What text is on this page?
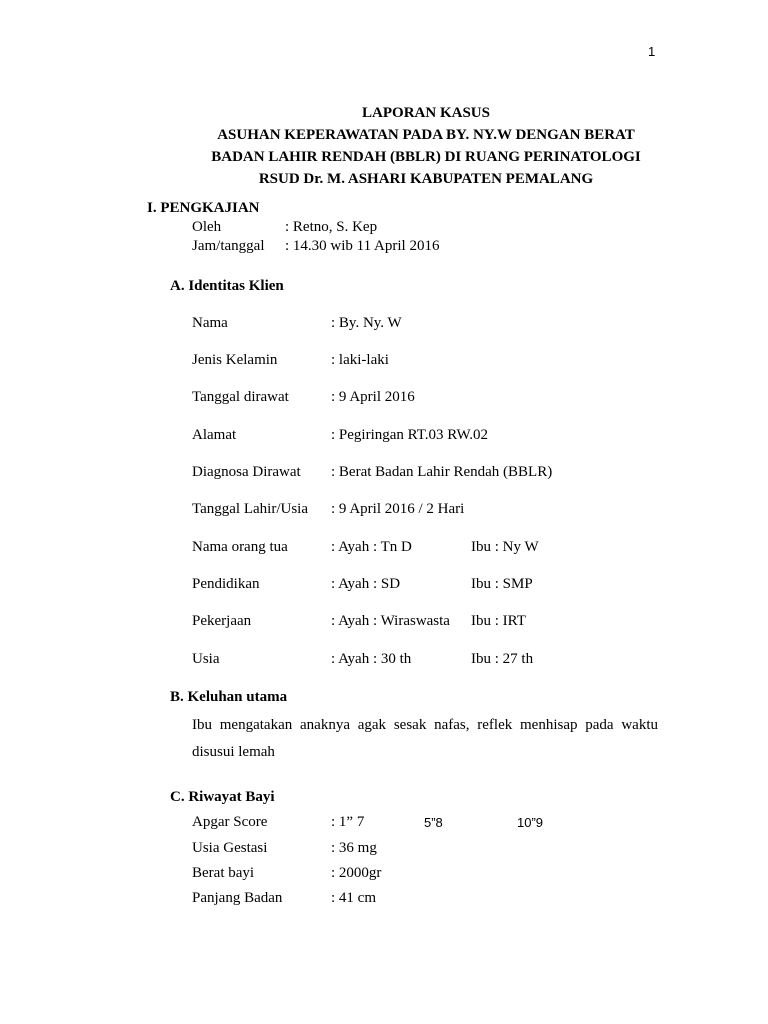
1
LAPORAN KASUS
ASUHAN KEPERAWATAN PADA BY. NY.W DENGAN BERAT
BADAN LAHIR RENDAH (BBLR) DI RUANG PERINATOLOGI
RSUD Dr. M. ASHARI KABUPATEN PEMALANG
I. PENGKAJIAN
Oleh	: Retno, S. Kep
Jam/tanggal : 14.30 wib 11 April 2016
A. Identitas Klien
Nama	: By. Ny. W
Jenis Kelamin	: laki-laki
Tanggal dirawat	: 9 April 2016
Alamat	: Pegiringan RT.03 RW.02
Diagnosa Dirawat : Berat Badan Lahir Rendah (BBLR)
Tanggal Lahir/Usia : 9 April 2016 / 2 Hari
Nama orang tua	: Ayah : Tn D	Ibu : Ny W
Pendidikan	: Ayah : SD	Ibu : SMP
Pekerjaan	: Ayah : Wiraswasta Ibu : IRT
Usia	: Ayah : 30 th	Ibu : 27 th
B. Keluhan utama
Ibu mengatakan anaknya agak sesak nafas, reflek menhisap pada waktu disusui lemah
C. Riwayat Bayi
Apgar Score	: 1” 7	5”8	10”9
Usia Gestasi	: 36 mg
Berat bayi	: 2000gr
Panjang Badan	: 41 cm
